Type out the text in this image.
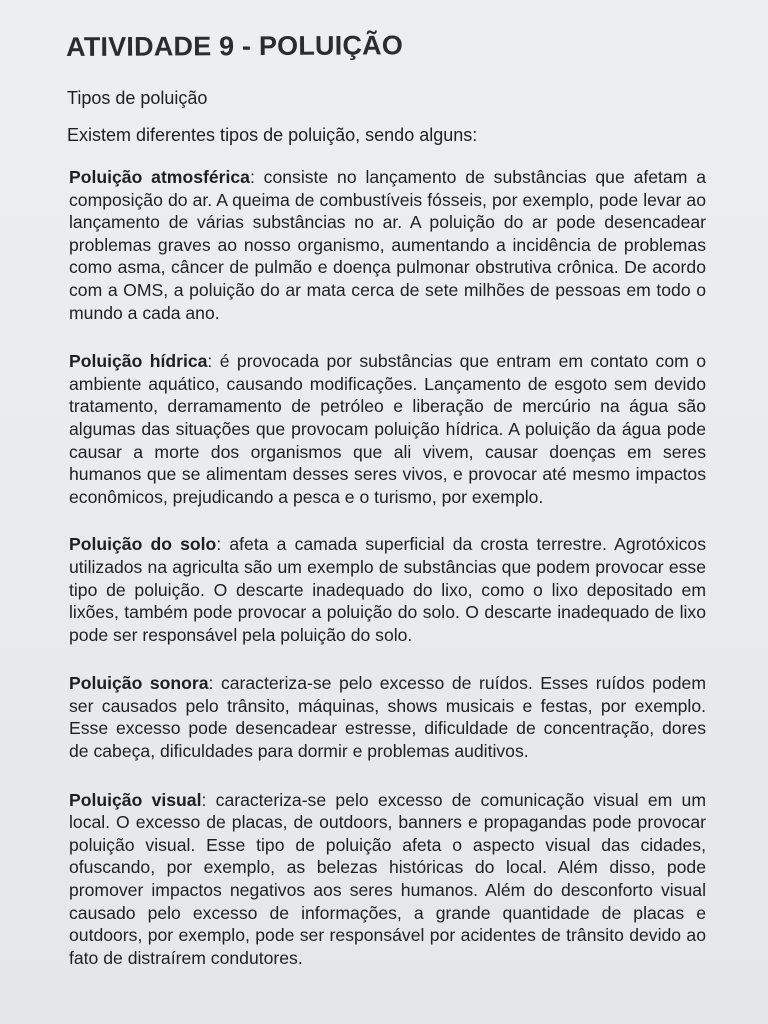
ATIVIDADE 9 - POLUIÇÃO

Tipos de poluição

Existem diferentes tipos de poluição, sendo alguns:

Poluição atmosférica: consiste no lançamento de substâncias que afetam a composição do ar. A queima de combustíveis fósseis, por exemplo, pode levar ao lançamento de várias substâncias no ar. A poluição do ar pode desencadear problemas graves ao nosso organismo, aumentando a incidência de problemas como asma, câncer de pulmão e doença pulmonar obstrutiva crônica. De acordo com a OMS, a poluição do ar mata cerca de sete milhões de pessoas em todo o mundo a cada ano.

Poluição hídrica: é provocada por substâncias que entram em contato com o ambiente aquático, causando modificações. Lançamento de esgoto sem devido tratamento, derramamento de petróleo e liberação de mercúrio na água são algumas das situações que provocam poluição hídrica. A poluição da água pode causar a morte dos organismos que ali vivem, causar doenças em seres humanos que se alimentam desses seres vivos, e provocar até mesmo impactos econômicos, prejudicando a pesca e o turismo, por exemplo.

Poluição do solo: afeta a camada superficial da crosta terrestre. Agrotóxicos utilizados na agriculta são um exemplo de substâncias que podem provocar esse tipo de poluição. O descarte inadequado do lixo, como o lixo depositado em lixões, também pode provocar a poluição do solo. O descarte inadequado de lixo pode ser responsável pela poluição do solo.

Poluição sonora: caracteriza-se pelo excesso de ruídos. Esses ruídos podem ser causados pelo trânsito, máquinas, shows musicais e festas, por exemplo. Esse excesso pode desencadear estresse, dificuldade de concentração, dores de cabeça, dificuldades para dormir e problemas auditivos.

Poluição visual: caracteriza-se pelo excesso de comunicação visual em um local. O excesso de placas, de outdoors, banners e propagandas pode provocar poluição visual. Esse tipo de poluição afeta o aspecto visual das cidades, ofuscando, por exemplo, as belezas históricas do local. Além disso, pode promover impactos negativos aos seres humanos. Além do desconforto visual causado pelo excesso de informações, a grande quantidade de placas e outdoors, por exemplo, pode ser responsável por acidentes de trânsito devido ao fato de distraírem condutores.
